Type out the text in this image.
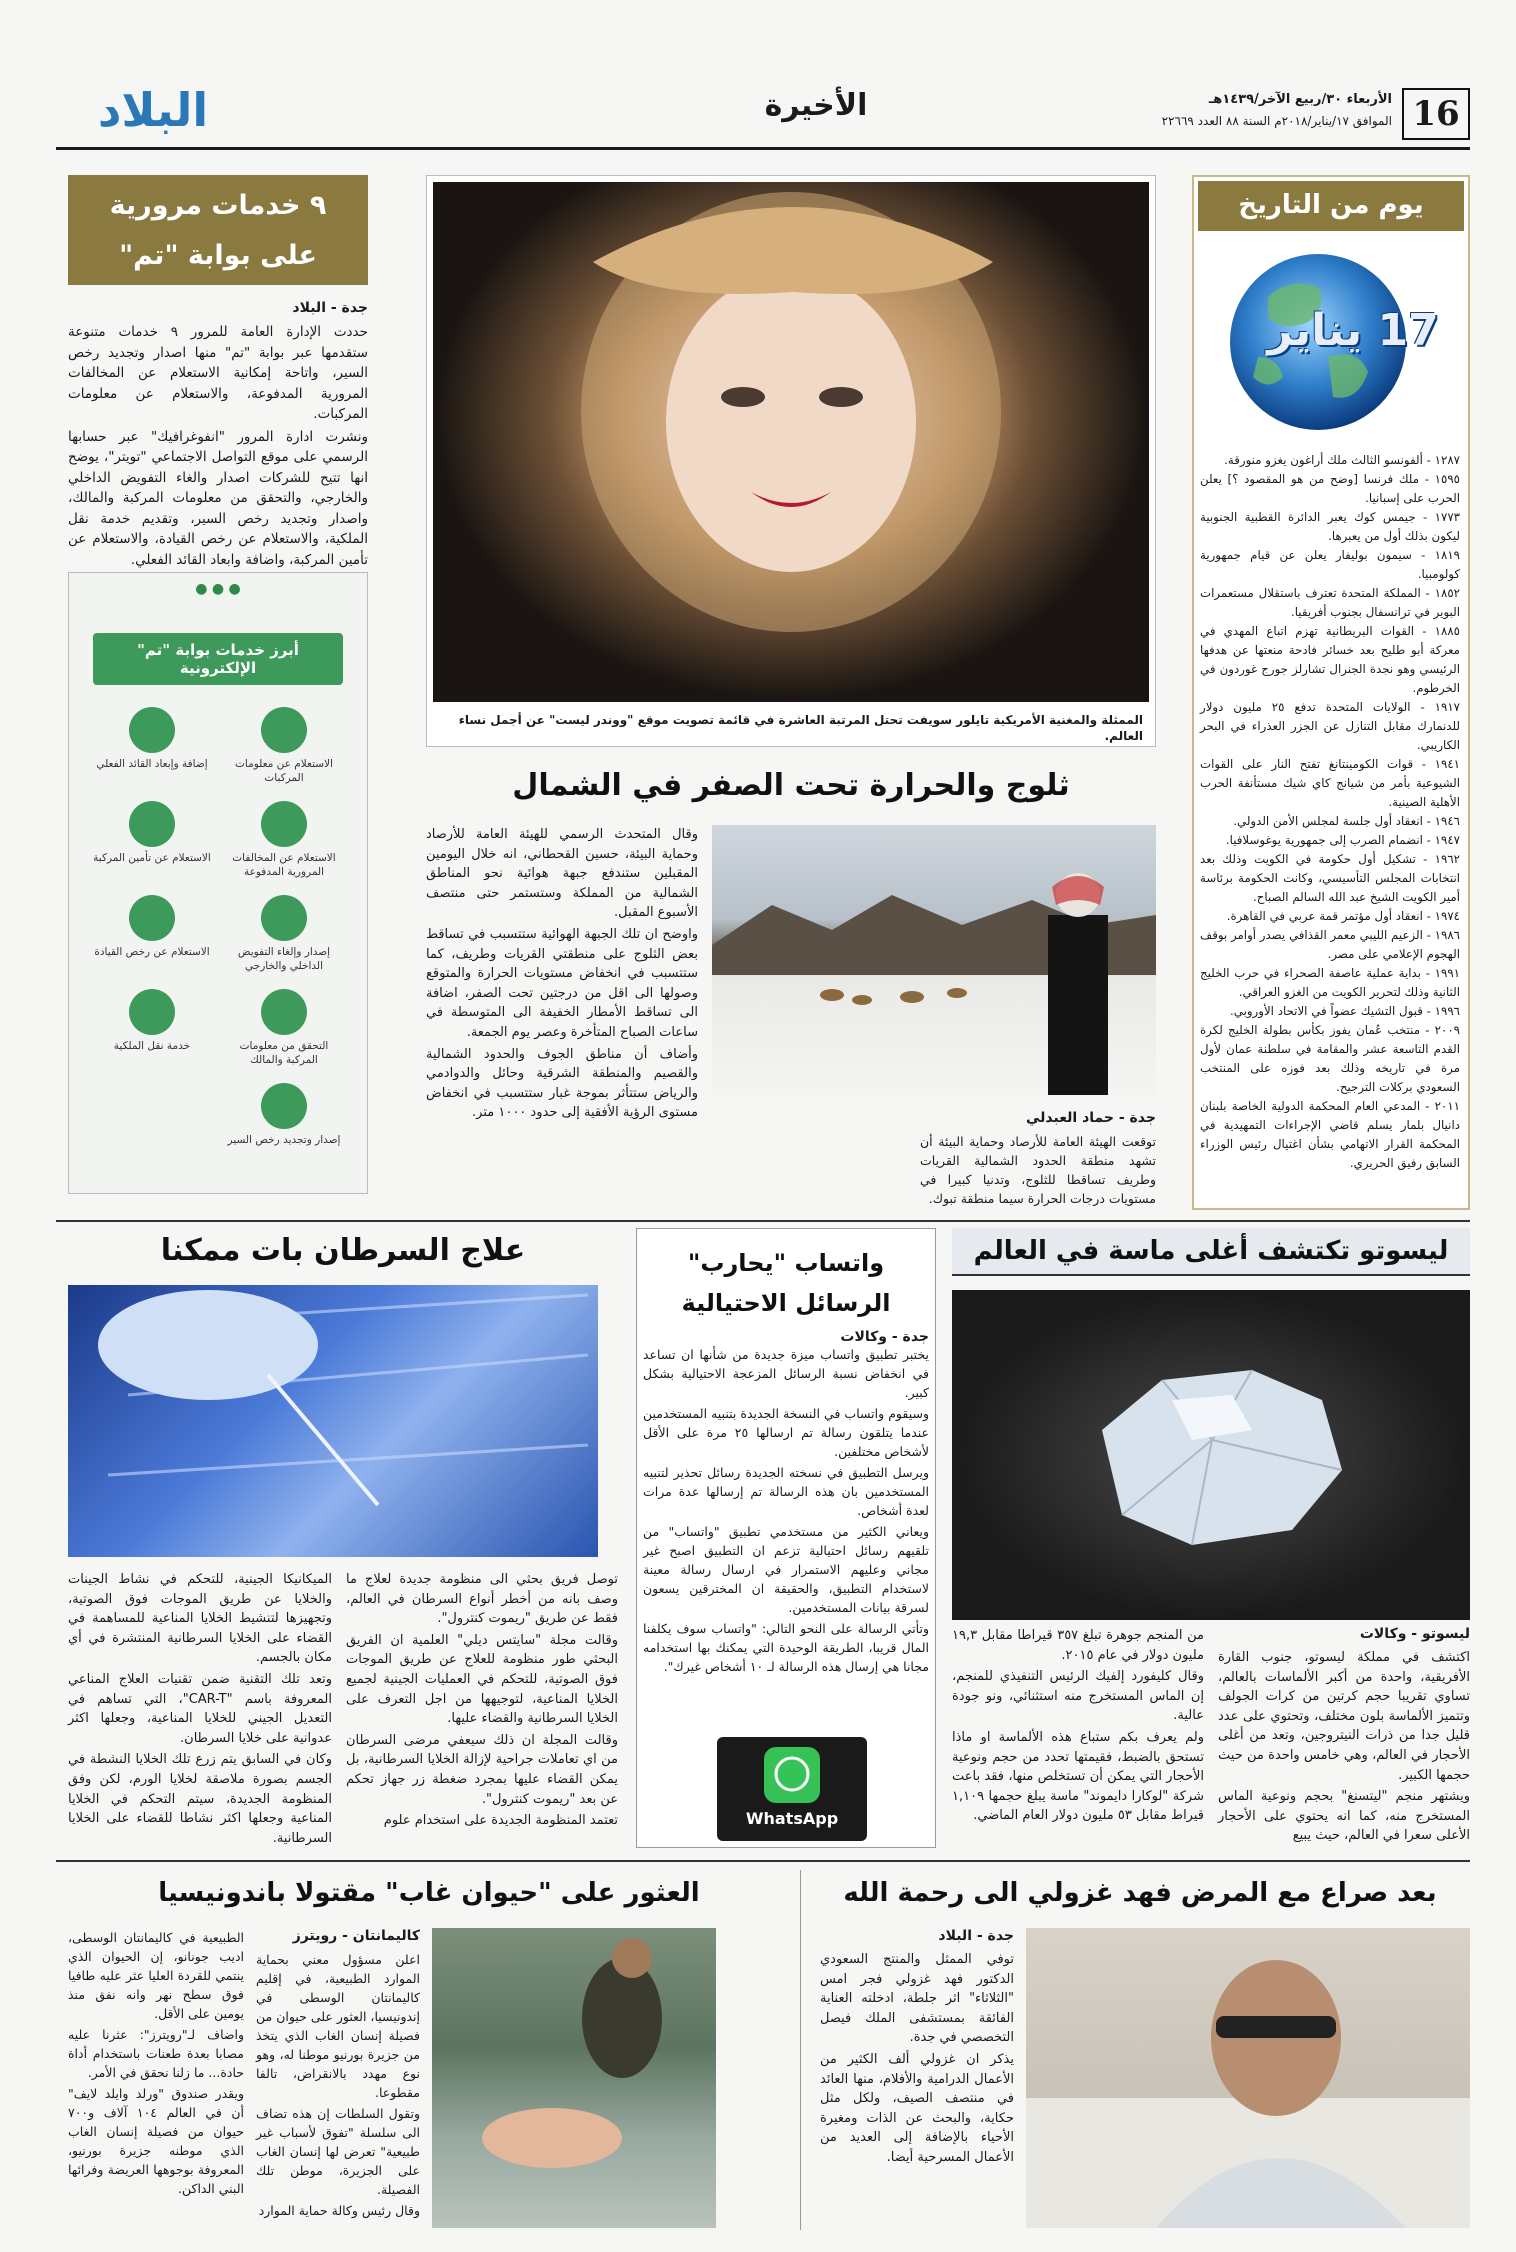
16
الأربعاء ٣٠/ربيع الآخر/١٤٣٩هـ
الموافق ١٧/يناير/٢٠١٨م السنة ٨٨ العدد ٢٢٦٦٩
الأخيرة
البلاد
يوم من التاريخ
17 يناير

١٢٨٧ - ألفونسو الثالث ملك أراغون يغزو منورقة.

١٥٩٥ - ملك فرنسا [وضح من هو المقصود ؟] يعلن الحرب على إسبانيا.

١٧٧٣ - جيمس كوك يعبر الدائرة القطبية الجنوبية ليكون بذلك أول من يعبرها.

١٨١٩ - سيمون بوليفار يعلن عن قيام جمهورية كولومبيا.

١٨٥٢ - المملكة المتحدة تعترف باستقلال مستعمرات البوير في ترانسفال بجنوب أفريقيا.

١٨٨٥ - القوات البريطانية تهزم اتباع المهدي في معركة أبو طليح بعد خسائر فادحة منعتها عن هدفها الرئيسي وهو نجدة الجنرال تشارلز جورج غوردون في الخرطوم.

١٩١٧ - الولايات المتحدة تدفع ٢٥ مليون دولار للدنمارك مقابل التنازل عن الجزر العذراء في البحر الكاريبي.

١٩٤١ - قوات الكومينتانغ تفتح النار على القوات الشيوعية بأمر من شيانج كاي شيك مستأنفة الحرب الأهلية الصينية.

١٩٤٦ - انعقاد أول جلسة لمجلس الأمن الدولي.

١٩٤٧ - انضمام الصرب إلى جمهورية يوغوسلافيا.

١٩٦٢ - تشكيل أول حكومة في الكويت وذلك بعد انتخابات المجلس التأسيسي، وكانت الحكومة برئاسة أمير الكويت الشيخ عبد الله السالم الصباح.

١٩٧٤ - انعقاد أول مؤتمر قمة عربي في القاهرة.

١٩٨٦ - الزعيم الليبي معمر القذافي يصدر أوامر بوقف الهجوم الإعلامي على مصر.

١٩٩١ - بداية عملية عاصفة الصحراء في حرب الخليج الثانية وذلك لتحرير الكويت من الغزو العراقي.

١٩٩٦ - قبول التشيك عضواً في الاتحاد الأوروبي.

٢٠٠٩ - منتخب عُمان يفوز بكأس بطولة الخليج لكرة القدم التاسعة عشر والمقامة في سلطنة عمان لأول مرة في تاريخه وذلك بعد فوزه على المنتخب السعودي بركلات الترجيح.

٢٠١١ - المدعي العام المحكمة الدولية الخاصة بلبنان دانيال بلمار يسلم قاضي الإجراءات التمهيدية في المحكمة القرار الاتهامي بشأن اغتيال رئيس الوزراء السابق رفيق الحريري.

الممثلة والمغنية الأمريكية تايلور سويفت تحتل المرتبة العاشرة في قائمة تصويت موقع "ووندر ليست" عن أجمل نساء العالم.
٩ خدمات مرورية على بوابة "تم"
جدة - البلاد

حددت الإدارة العامة للمرور ٩ خدمات متنوعة ستقدمها عبر بوابة "تم" منها اصدار وتجديد رخص السير، واتاحة إمكانية الاستعلام عن المخالفات المرورية المدفوعة، والاستعلام عن معلومات المركبات.

ونشرت ادارة المرور "انفوغرافيك" عبر حسابها الرسمي على موقع التواصل الاجتماعي "تويتر"، يوضح انها تتيح للشركات اصدار والغاء التفويض الداخلي والخارجي، والتحقق من معلومات المركبة والمالك، واصدار وتجديد رخص السير، وتقديم خدمة نقل الملكية، والاستعلام عن رخص القيادة، والاستعلام عن تأمين المركبة، واضافة وابعاد القائد الفعلي.

● ● ●
أبرز خدمات بوابة "تم" الإلكترونية
الاستعلام عن معلومات المركبات
إضافة وإبعاد القائد الفعلي
الاستعلام عن المخالفات المرورية المدفوعة
الاستعلام عن تأمين المركبة
إصدار وإلغاء التفويض الداخلي والخارجي
الاستعلام عن رخص القيادة
التحقق من معلومات المركبة والمالك
خدمة نقل الملكية
إصدار وتجديد رخص السير
ثلوج والحرارة تحت الصفر في الشمال
جدة - حماد العبدلي
توقعت الهيئة العامة للأرصاد وحماية البيئة أن تشهد منطقة الحدود الشمالية القريات وطريف تساقطا للثلوج، وتدنيا كبيرا في مستويات درجات الحرارة سيما منطقة تبوك.

وقال المتحدث الرسمي للهيئة العامة للأرصاد وحماية البيئة، حسين القحطاني، انه خلال اليومين المقبلين ستندفع جبهة هوائية نحو المناطق الشمالية من المملكة وستستمر حتى منتصف الأسبوع المقبل.

واوضح ان تلك الجبهة الهوائية ستتسبب في تساقط بعض الثلوج على منطقتي القريات وطريف، كما ستتسبب في انخفاض مستويات الحرارة والمتوقع وصولها الى اقل من درجتين تحت الصفر، اضافة الى تساقط الأمطار الخفيفة الى المتوسطة في ساعات الصباح المتأخرة وعصر يوم الجمعة.

وأضاف أن مناطق الجوف والحدود الشمالية والقصيم والمنطقة الشرقية وحائل والدوادمي والرياض ستتأثر بموجة غبار ستتسبب في انخفاض مستوى الرؤية الأفقية إلى حدود ١٠٠٠ متر.

ليسوتو تكتشف أغلى ماسة في العالم
ليسوتو - وكالات

اكتشف في مملكة ليسوتو، جنوب القارة الأفريقية، واحدة من أكبر الألماسات بالعالم، تساوي تقريبا حجم كرتين من كرات الجولف وتتميز الألماسة بلون مختلف، وتحتوي على عدد قليل جدا من ذرات النيتروجين، وتعد من أغلى الأحجار في العالم، وهي خامس واحدة من حيث حجمها الكبير.

ويشتهر منجم "ليتسنغ" بحجم ونوعية الماس المستخرج منه، كما انه يحتوي على الأحجار الأعلى سعرا في العالم، حيث يبيع

من المنجم جوهرة تبلغ ٣٥٧ قيراطا مقابل ١٩,٣ مليون دولار في عام ٢٠١٥.

وقال كليفورد إلفيك الرئيس التنفيذي للمنجم، إن الماس المستخرج منه استثنائي، ونو جودة عالية.

ولم يعرف بكم ستباع هذه الألماسة او ماذا تستحق بالضبط، فقيمتها تحدد من حجم ونوعية الأحجار التي يمكن أن تستخلص منها، فقد باعت شركة "لوكارا دايموند" ماسة يبلغ حجمها ١,١٠٩ قيراط مقابل ٥٣ مليون دولار العام الماضي.

واتساب "يحارب" الرسائل الاحتيالية
جدة - وكالات

يختبر تطبيق واتساب ميزة جديدة من شأنها ان تساعد في انخفاض نسبة الرسائل المزعجة الاحتيالية بشكل كبير.

وسيقوم واتساب في النسخة الجديدة بتنبيه المستخدمين عندما يتلقون رسالة تم ارسالها ٢٥ مرة على الأقل لأشخاص مختلفين.

ويرسل التطبيق في نسخته الجديدة رسائل تحذير لتنبيه المستخدمين بان هذه الرسالة تم إرسالها عدة مرات لعدة أشخاص.

ويعاني الكثير من مستخدمي تطبيق "واتساب" من تلقيهم رسائل احتيالية تزعم ان التطبيق اصبح غير مجاني وعليهم الاستمرار في ارسال رسالة معينة لاستخدام التطبيق، والحقيقة ان المخترقين يسعون لسرقة بيانات المستخدمين.

وتأتي الرسالة على النحو التالي: "واتساب سوف يكلفنا المال قريبا، الطريقة الوحيدة التي يمكنك بها استخدامه مجانا هي إرسال هذه الرسالة لـ ١٠ أشخاص غيرك".

WhatsApp
علاج السرطان بات ممكنا

توصل فريق بحثي الى منظومة جديدة لعلاج ما وصف بانه من أخطر أنواع السرطان في العالم، فقط عن طريق "ريموت كنترول".

وقالت مجلة "سايتس ديلي" العلمية ان الفريق البحثي طور منظومة للعلاج عن طريق الموجات فوق الصوتية، للتحكم في العمليات الجينية لجميع الخلايا المناعية، لتوجيهها من اجل التعرف على الخلايا السرطانية والقضاء عليها.

وقالت المجلة ان ذلك سيعفي مرضى السرطان من اي تعاملات جراحية لإزالة الخلايا السرطانية، بل يمكن القضاء عليها بمجرد ضغطة زر جهاز تحكم عن بعد "ريموت كنترول".

تعتمد المنظومة الجديدة على استخدام علوم

الميكانيكا الجينية، للتحكم في نشاط الجينات والخلايا عن طريق الموجات فوق الصوتية، وتجهيزها لتنشيط الخلايا المناعية للمساهمة في القضاء على الخلايا السرطانية المنتشرة في أي مكان بالجسم.

وتعد تلك التقنية ضمن تقنيات العلاج المناعي المعروفة باسم "CAR-T"، التي تساهم في التعديل الجيني للخلايا المناعية، وجعلها اكثر عدوانية على خلايا السرطان.

وكان في السابق يتم زرع تلك الخلايا النشطة في الجسم بصورة ملاصقة لخلايا الورم، لكن وفق المنظومة الجديدة، سيتم التحكم في الخلايا المناعية وجعلها اكثر نشاطا للقضاء على الخلايا السرطانية.

بعد صراع مع المرض فهد غزولي الى رحمة الله
جدة - البلاد

توفي الممثل والمنتج السعودي الدكتور فهد غزولي فجر امس "الثلاثاء" اثر جلطة، ادخلته العناية الفائقة بمستشفى الملك فيصل التخصصي في جدة.

يذكر ان غزولي ألف الكثير من الأعمال الدرامية والأفلام، منها العائد في منتصف الصيف، ولكل مثل حكاية، والبحث عن الذات ومغيرة الأحياء بالإضافة إلى العديد من الأعمال المسرحية أيضا.

العثور على "حيوان غاب" مقتولا باندونيسيا
كاليمانتان - رويترز

اعلن مسؤول معني بحماية الموارد الطبيعية، في إقليم كاليمانتان الوسطى في إندونيسيا، العثور على حيوان من فصيلة إنسان الغاب الذي يتخذ من جزيرة بورنيو موطنا له، وهو نوع مهدد بالانقراض، تالفا مقطوعا.

وتقول السلطات إن هذه تضاف الى سلسلة "تفوق لأسباب غير طبيعية" تعرض لها إنسان الغاب على الجزيرة، موطن تلك الفصيلة.

وقال رئيس وكالة حماية الموارد

الطبيعية في كاليمانتان الوسطى، اديب جونانو، إن الحيوان الذي ينتمي للقردة العليا عثر عليه طافيا فوق سطح نهر وانه نفق منذ يومين على الأقل.

واضاف لـ"رويترز": عثرنا عليه مصابا بعدة طعنات باستخدام أداة حادة... ما زلنا نحقق في الأمر.

ويقدر صندوق "ورلد وايلد لايف" أن في العالم ١٠٤ آلاف و٧٠٠ حيوان من فصيلة إنسان الغاب الذي موطنه جزيرة بورنيو، المعروفة بوجوهها العريضة وفرائها البني الداكن.
